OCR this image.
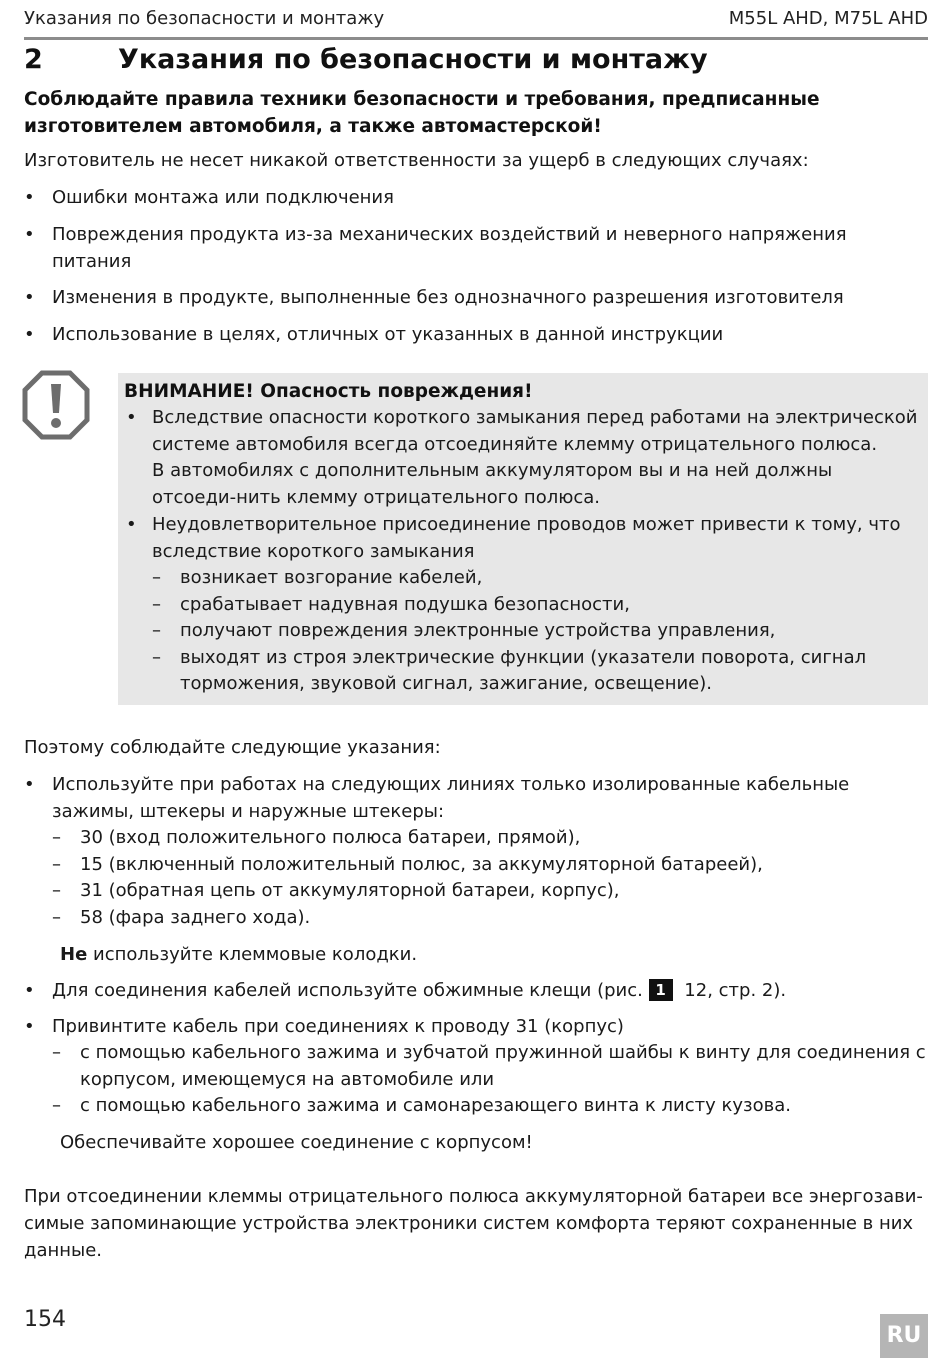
Указания по безопасности и монтажу	M55L AHD, M75L AHD
2	Указания по безопасности и монтажу
Соблюдайте правила техники безопасности и требования, предписанные изготовителем автомобиля, а также автомастерской!
Изготовитель не несет никакой ответственности за ущерб в следующих случаях:
• Ошибки монтажа или подключения
• Повреждения продукта из-за механических воздействий и неверного напряжения питания
• Изменения в продукте, выполненные без однозначного разрешения изготовителя
• Использование в целях, отличных от указанных в данной инструкции
ВНИМАНИЕ! Опасность повреждения!
• Вследствие опасности короткого замыкания перед работами на электрической системе автомобиля всегда отсоединяйте клемму отрицательного полюса.
В автомобилях с дополнительным аккумулятором вы и на ней должны отсоеди-нить клемму отрицательного полюса.
• Неудовлетворительное присоединение проводов может привести к тому, что вследствие короткого замыкания
– возникает возгорание кабелей,
– срабатывает надувная подушка безопасности,
– получают повреждения электронные устройства управления,
– выходят из строя электрические функции (указатели поворота, сигнал торможения, звуковой сигнал, зажигание, освещение).
Поэтому соблюдайте следующие указания:
• Используйте при работах на следующих линиях только изолированные кабельные зажимы, штекеры и наружные штекеры:
– 30 (вход положительного полюса батареи, прямой),
– 15 (включенный положительный полюс, за аккумуляторной батареей),
– 31 (обратная цепь от аккумуляторной батареи, корпус),
– 58 (фара заднего хода).
Не используйте клеммовые колодки.
• Для соединения кабелей используйте обжимные клещи (рис. 1 12, стр. 2).
• Привинтите кабель при соединениях к проводу 31 (корпус)
– с помощью кабельного зажима и зубчатой пружинной шайбы к винту для соединения с корпусом, имеющемуся на автомобиле или
– с помощью кабельного зажима и самонарезающего винта к листу кузова.
Обеспечивайте хорошее соединение с корпусом!
При отсоединении клеммы отрицательного полюса аккумуляторной батареи все энергозави-симые запоминающие устройства электроники систем комфорта теряют сохраненные в них данные.
154
RU
